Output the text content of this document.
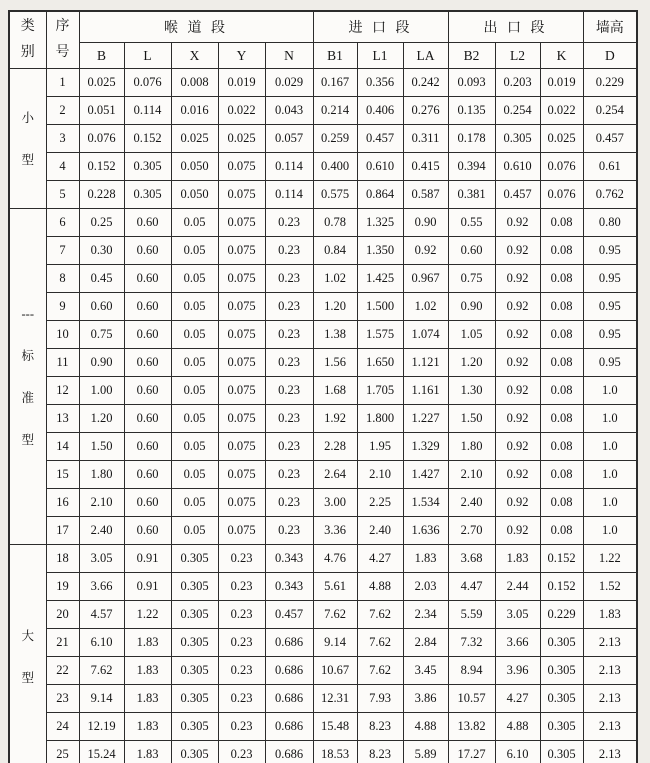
类
别	序
号	喉 道 段					进 口 段			出 口 段			墙高
		B	L	X	Y	N	B1	L1	LA	B2	L2	K	D

小
型	1	0.025	0.076	0.008	0.019	0.029	0.167	0.356	0.242	0.093	0.203	0.019	0.229
	2	0.051	0.114	0.016	0.022	0.043	0.214	0.406	0.276	0.135	0.254	0.022	0.254
	3	0.076	0.152	0.025	0.025	0.057	0.259	0.457	0.311	0.178	0.305	0.025	0.457
	4	0.152	0.305	0.050	0.075	0.114	0.400	0.610	0.415	0.394	0.610	0.076	0.61
	5	0.228	0.305	0.050	0.075	0.114	0.575	0.864	0.587	0.381	0.457	0.076	0.762

---
标
准
型	6	0.25	0.60	0.05	0.075	0.23	0.78	1.325	0.90	0.55	0.92	0.08	0.80
	7	0.30	0.60	0.05	0.075	0.23	0.84	1.350	0.92	0.60	0.92	0.08	0.95
	8	0.45	0.60	0.05	0.075	0.23	1.02	1.425	0.967	0.75	0.92	0.08	0.95
	9	0.60	0.60	0.05	0.075	0.23	1.20	1.500	1.02	0.90	0.92	0.08	0.95
	10	0.75	0.60	0.05	0.075	0.23	1.38	1.575	1.074	1.05	0.92	0.08	0.95
	11	0.90	0.60	0.05	0.075	0.23	1.56	1.650	1.121	1.20	0.92	0.08	0.95
	12	1.00	0.60	0.05	0.075	0.23	1.68	1.705	1.161	1.30	0.92	0.08	1.0
	13	1.20	0.60	0.05	0.075	0.23	1.92	1.800	1.227	1.50	0.92	0.08	1.0
	14	1.50	0.60	0.05	0.075	0.23	2.28	1.95	1.329	1.80	0.92	0.08	1.0
	15	1.80	0.60	0.05	0.075	0.23	2.64	2.10	1.427	2.10	0.92	0.08	1.0
	16	2.10	0.60	0.05	0.075	0.23	3.00	2.25	1.534	2.40	0.92	0.08	1.0
	17	2.40	0.60	0.05	0.075	0.23	3.36	2.40	1.636	2.70	0.92	0.08	1.0

大
型	18	3.05	0.91	0.305	0.23	0.343	4.76	4.27	1.83	3.68	1.83	0.152	1.22
	19	3.66	0.91	0.305	0.23	0.343	5.61	4.88	2.03	4.47	2.44	0.152	1.52
	20	4.57	1.22	0.305	0.23	0.457	7.62	7.62	2.34	5.59	3.05	0.229	1.83
	21	6.10	1.83	0.305	0.23	0.686	9.14	7.62	2.84	7.32	3.66	0.305	2.13
	22	7.62	1.83	0.305	0.23	0.686	10.67	7.62	3.45	8.94	3.96	0.305	2.13
	23	9.14	1.83	0.305	0.23	0.686	12.31	7.93	3.86	10.57	4.27	0.305	2.13
	24	12.19	1.83	0.305	0.23	0.686	15.48	8.23	4.88	13.82	4.88	0.305	2.13
	25	15.24	1.83	0.305	0.23	0.686	18.53	8.23	5.89	17.27	6.10	0.305	2.13
